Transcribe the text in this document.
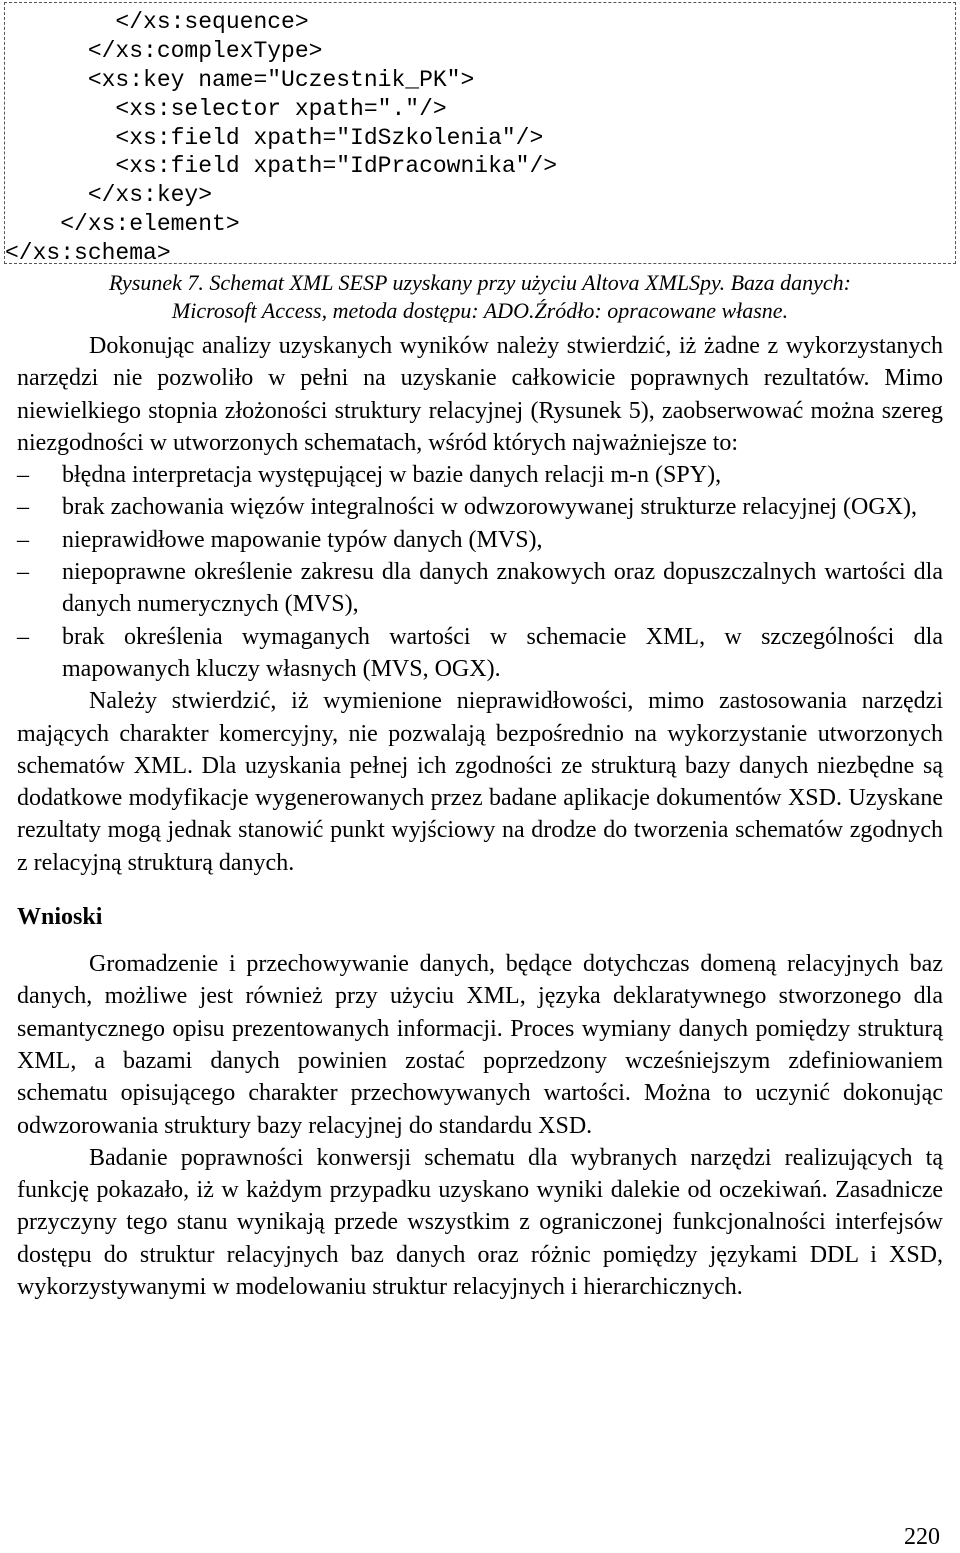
</xs:sequence>
</xs:complexType>
<xs:key name="Uczestnik_PK">
<xs:selector xpath="."/>
<xs:field xpath="IdSzkolenia"/>
<xs:field xpath="IdPracownika"/>
</xs:key>
</xs:element>
</xs:schema>
Rysunek 7. Schemat XML SESP uzyskany przy użyciu Altova XMLSpy. Baza danych:
Microsoft Access, metoda dostępu: ADO.Źródło: opracowane własne.

Dokonując analizy uzyskanych wyników należy stwierdzić, iż żadne z wykorzystanych narzędzi nie pozwoliło w pełni na uzyskanie całkowicie poprawnych rezultatów. Mimo niewielkiego stopnia złożoności struktury relacyjnej (Rysunek 5), zaobserwować można szereg niezgodności w utworzonych schematach, wśród których najważniejsze to:

– błędna interpretacja występującej w bazie danych relacji m-n (SPY),
– brak zachowania więzów integralności w odwzorowywanej strukturze relacyjnej (OGX),
– nieprawidłowe mapowanie typów danych (MVS),
– niepoprawne określenie zakresu dla danych znakowych oraz dopuszczalnych wartości dla danych numerycznych (MVS),
– brak określenia wymaganych wartości w schemacie XML, w szczególności dla mapowanych kluczy własnych (MVS, OGX).

Należy stwierdzić, iż wymienione nieprawidłowości, mimo zastosowania narzędzi mających charakter komercyjny, nie pozwalają bezpośrednio na wykorzystanie utworzonych schematów XML. Dla uzyskania pełnej ich zgodności ze strukturą bazy danych niezbędne są dodatkowe modyfikacje wygenerowanych przez badane aplikacje dokumentów XSD. Uzyskane rezultaty mogą jednak stanowić punkt wyjściowy na drodze do tworzenia schematów zgodnych z relacyjną strukturą danych.

Wnioski

Gromadzenie i przechowywanie danych, będące dotychczas domeną relacyjnych baz danych, możliwe jest również przy użyciu XML, języka deklaratywnego stworzonego dla semantycznego opisu prezentowanych informacji. Proces wymiany danych pomiędzy strukturą XML, a bazami danych powinien zostać poprzedzony wcześniejszym zdefiniowaniem schematu opisującego charakter przechowywanych wartości. Można to uczynić dokonując odwzorowania struktury bazy relacyjnej do standardu XSD.

Badanie poprawności konwersji schematu dla wybranych narzędzi realizujących tą funkcję pokazało, iż w każdym przypadku uzyskano wyniki dalekie od oczekiwań. Zasadnicze przyczyny tego stanu wynikają przede wszystkim z ograniczonej funkcjonalności interfejsów dostępu do struktur relacyjnych baz danych oraz różnic pomiędzy językami DDL i XSD, wykorzystywanymi w modelowaniu struktur relacyjnych i hierarchicznych.

220
